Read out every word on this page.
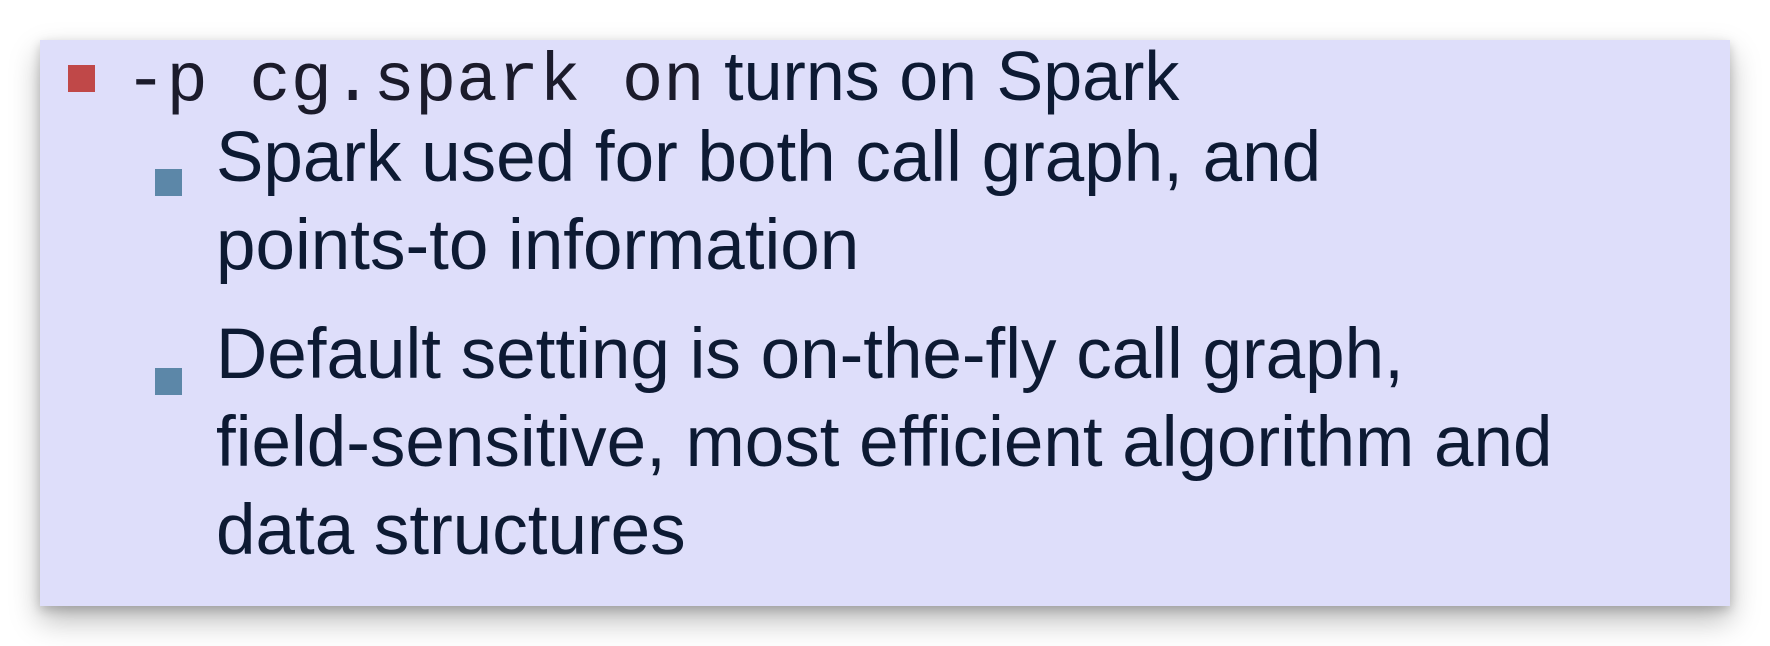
-p cg.spark on turns on Spark
Spark used for both call graph, and
points-to information
Default setting is on-the-fly call graph,
field-sensitive, most efficient algorithm and
data structures
